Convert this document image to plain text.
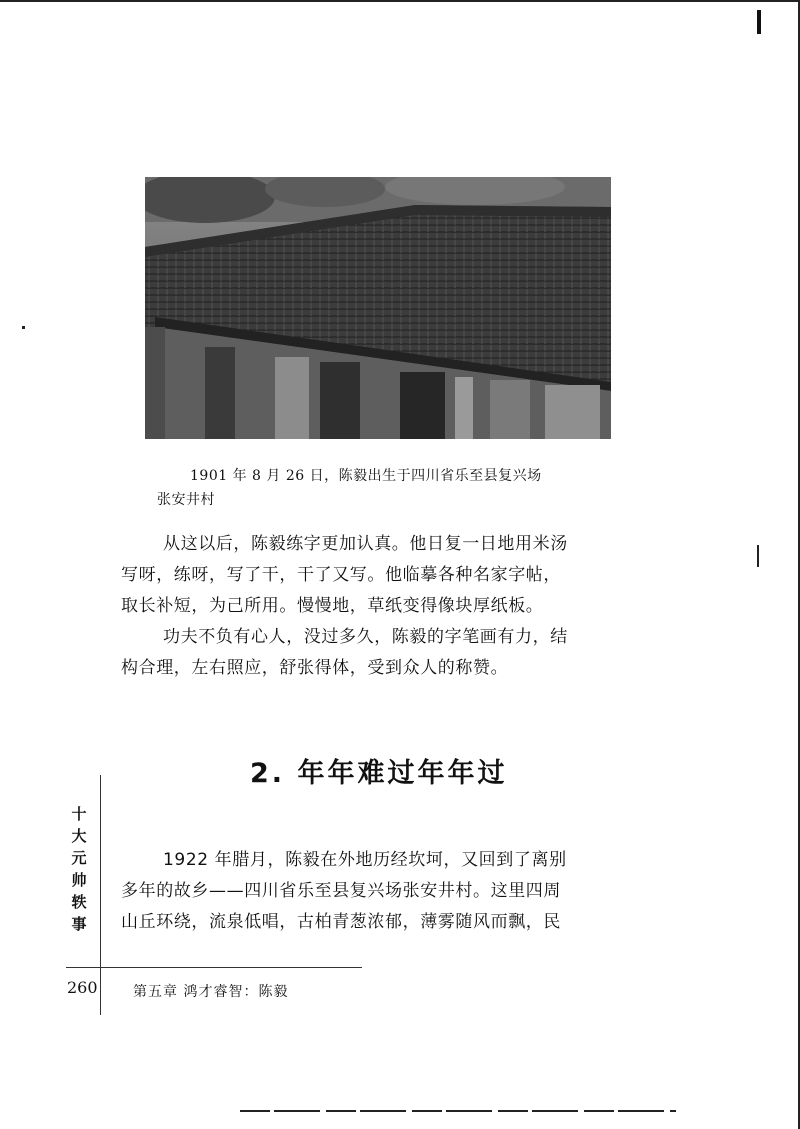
1901 年 8 月 26 日，陈毅出生于四川省乐至县复兴场
张安井村
从这以后，陈毅练字更加认真。他日复一日地用米汤
写呀，练呀，写了干，干了又写。他临摹各种名家字帖，
取长补短，为己所用。慢慢地，草纸变得像块厚纸板。
功夫不负有心人，没过多久，陈毅的字笔画有力，结
构合理，左右照应，舒张得体，受到众人的称赞。
2. 年年难过年年过
十
大
元
帅
轶
事
1922 年腊月，陈毅在外地历经坎坷，又回到了离别
多年的故乡——四川省乐至县复兴场张安井村。这里四周
山丘环绕，流泉低唱，古柏青葱浓郁，薄雾随风而飘，民
260	第五章 鸿才睿智：陈毅
